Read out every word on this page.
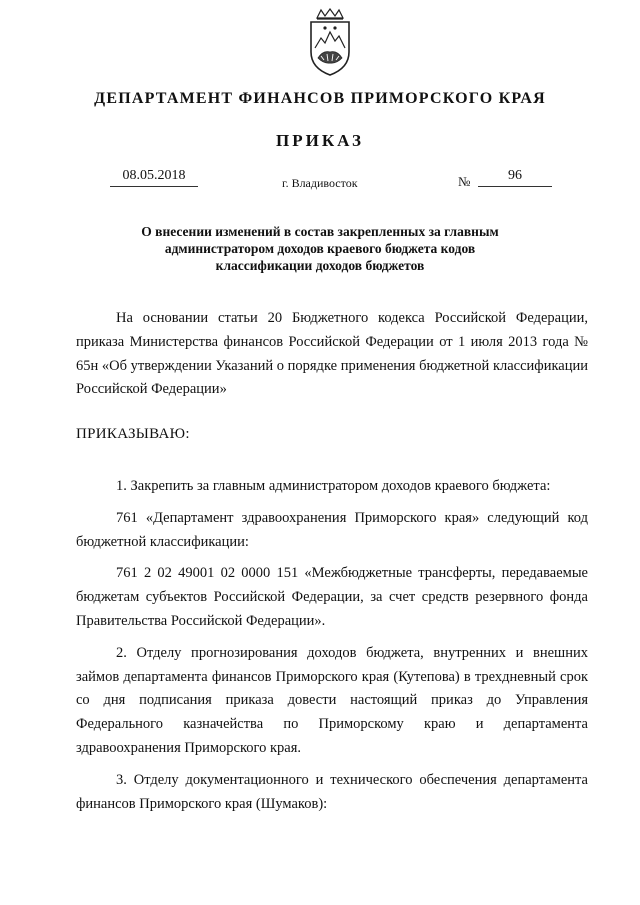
ДЕПАРТАМЕНТ ФИНАНСОВ ПРИМОРСКОГО КРАЯ
ПРИКАЗ
08.05.2018	г. Владивосток	№	96
О внесении изменений в состав закрепленных за главным
администратором доходов краевого бюджета кодов
классификации доходов бюджетов

На основании статьи 20 Бюджетного кодекса Российской Федерации, приказа Министерства финансов Российской Федерации от 1 июля 2013 года № 65н «Об утверждении Указаний о порядке применения бюджетной классификации Российской Федерации»

ПРИКАЗЫВАЮ:

1. Закрепить за главным администратором доходов краевого бюджета:

761 «Департамент здравоохранения Приморского края» следующий код бюджетной классификации:

761 2 02 49001 02 0000 151 «Межбюджетные трансферты, передаваемые бюджетам субъектов Российской Федерации, за счет средств резервного фонда Правительства Российской Федерации».

2. Отделу прогнозирования доходов бюджета, внутренних и внешних займов департамента финансов Приморского края (Кутепова) в трехдневный срок со дня подписания приказа довести настоящий приказ до Управления Федерального казначейства по Приморскому краю и департамента здравоохранения Приморского края.

3. Отделу документационного и технического обеспечения департамента финансов Приморского края (Шумаков):
